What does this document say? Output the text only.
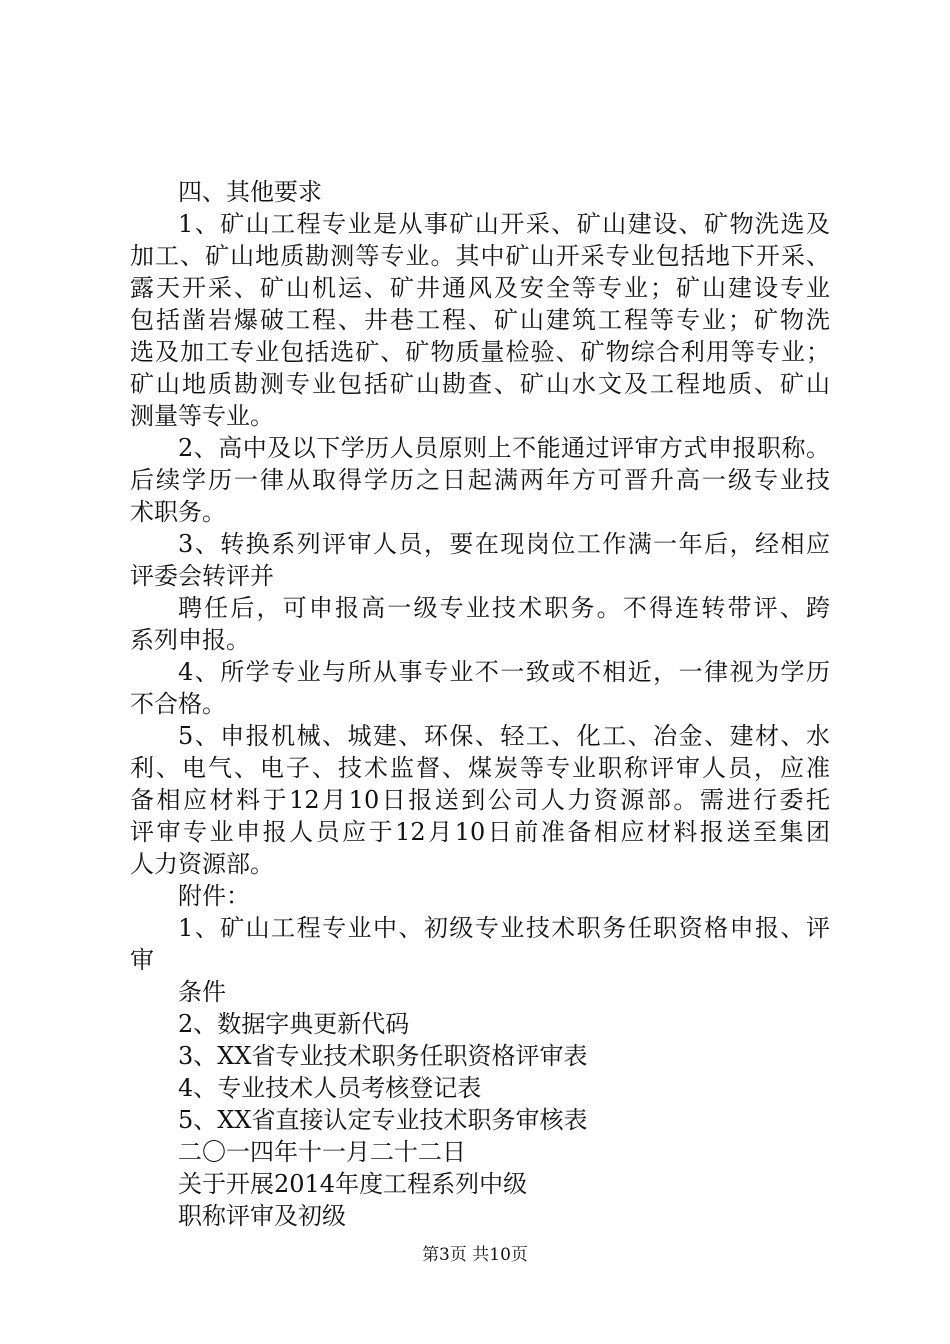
四、其他要求
1、矿山工程专业是从事矿山开采、矿山建设、矿物洗选及
加工、矿山地质勘测等专业。其中矿山开采专业包括地下开采、
露天开采、矿山机运、矿井通风及安全等专业；矿山建设专业
包括凿岩爆破工程、井巷工程、矿山建筑工程等专业；矿物洗
选及加工专业包括选矿、矿物质量检验、矿物综合利用等专业；
矿山地质勘测专业包括矿山勘查、矿山水文及工程地质、矿山
测量等专业。
2、高中及以下学历人员原则上不能通过评审方式申报职称。
后续学历一律从取得学历之日起满两年方可晋升高一级专业技
术职务。
3、转换系列评审人员，要在现岗位工作满一年后，经相应
评委会转评并
聘任后，可申报高一级专业技术职务。不得连转带评、跨
系列申报。
4、所学专业与所从事专业不一致或不相近，一律视为学历
不合格。
5、申报机械、城建、环保、轻工、化工、冶金、建材、水
利、电气、电子、技术监督、煤炭等专业职称评审人员，应准
备相应材料于12月10日报送到公司人力资源部。需进行委托
评审专业申报人员应于12月10日前准备相应材料报送至集团
人力资源部。
附件：
1、矿山工程专业中、初级专业技术职务任职资格申报、评
审
条件
2、数据字典更新代码
3、XX省专业技术职务任职资格评审表
4、专业技术人员考核登记表
5、XX省直接认定专业技术职务审核表
二〇一四年十一月二十二日
关于开展2014年度工程系列中级
职称评审及初级
第3页 共10页
